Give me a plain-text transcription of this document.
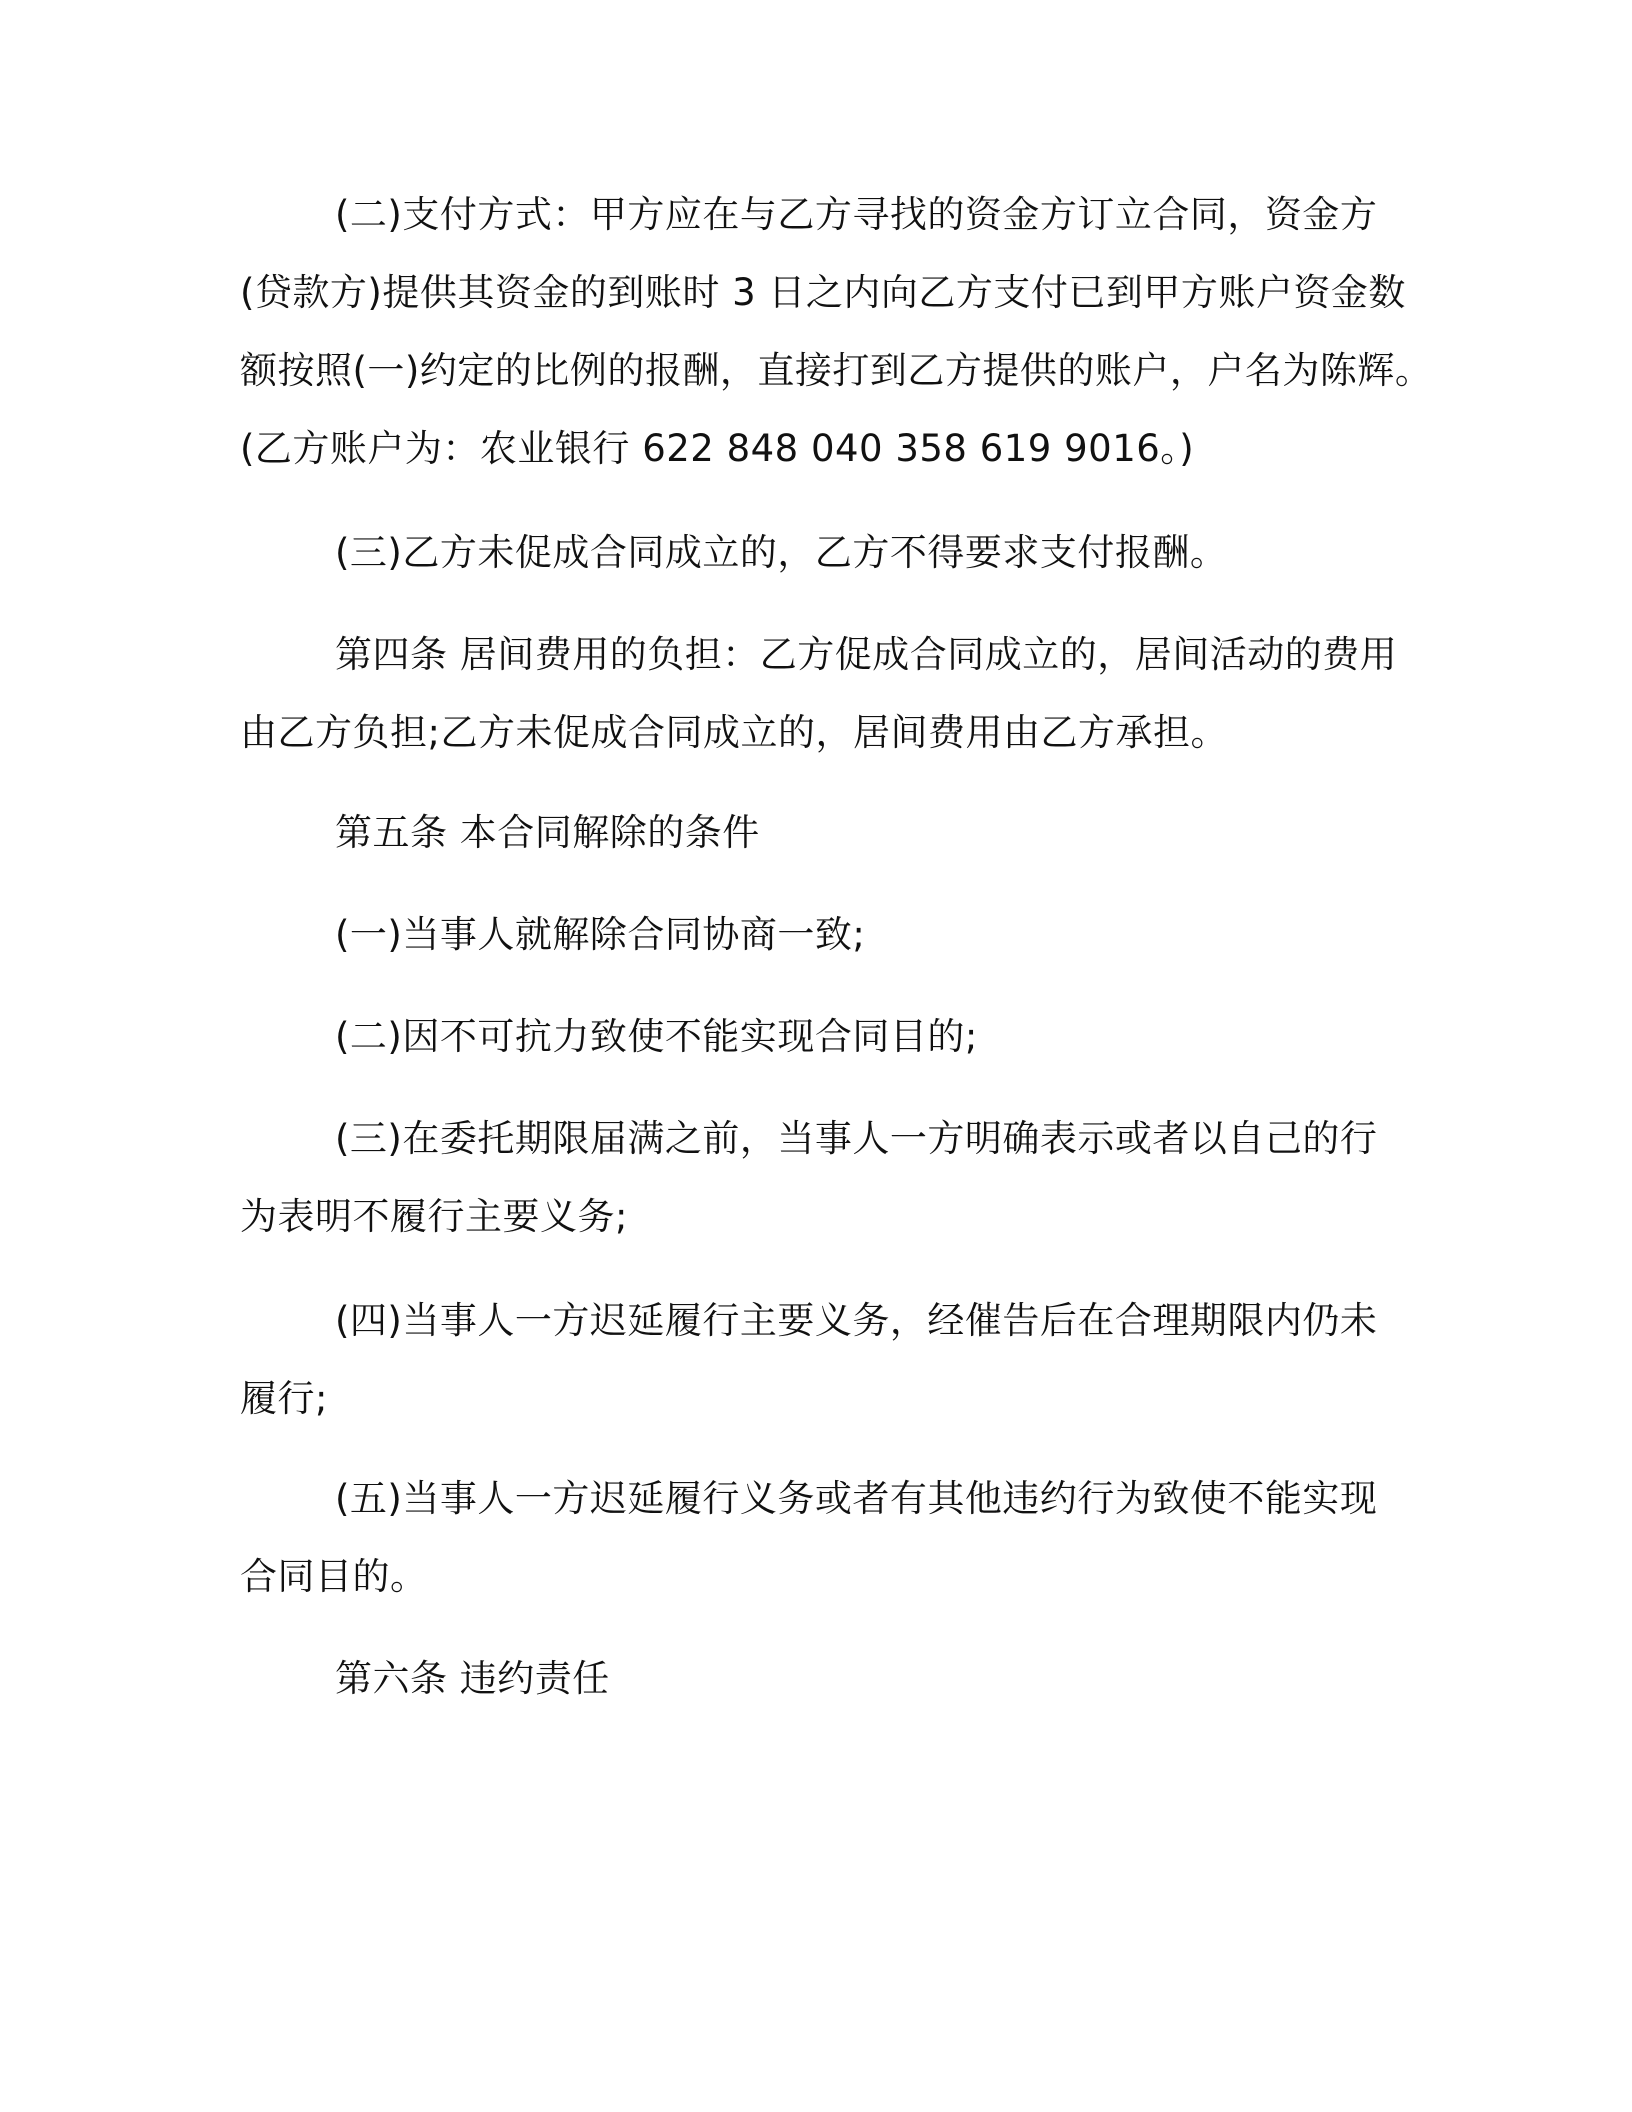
(二)支付方式：甲方应在与乙方寻找的资金方订立合同，资金方
(贷款方)提供其资金的到账时 3 日之内向乙方支付已到甲方账户资金数
额按照(一)约定的比例的报酬，直接打到乙方提供的账户，户名为陈辉。
(乙方账户为：农业银行 622 848 040 358 619 9016。)
(三)乙方未促成合同成立的，乙方不得要求支付报酬。
第四条 居间费用的负担：乙方促成合同成立的，居间活动的费用
由乙方负担;乙方未促成合同成立的，居间费用由乙方承担。
第五条 本合同解除的条件
(一)当事人就解除合同协商一致;
(二)因不可抗力致使不能实现合同目的;
(三)在委托期限届满之前，当事人一方明确表示或者以自己的行
为表明不履行主要义务;
(四)当事人一方迟延履行主要义务，经催告后在合理期限内仍未
履行;
(五)当事人一方迟延履行义务或者有其他违约行为致使不能实现
合同目的。
第六条 违约责任
